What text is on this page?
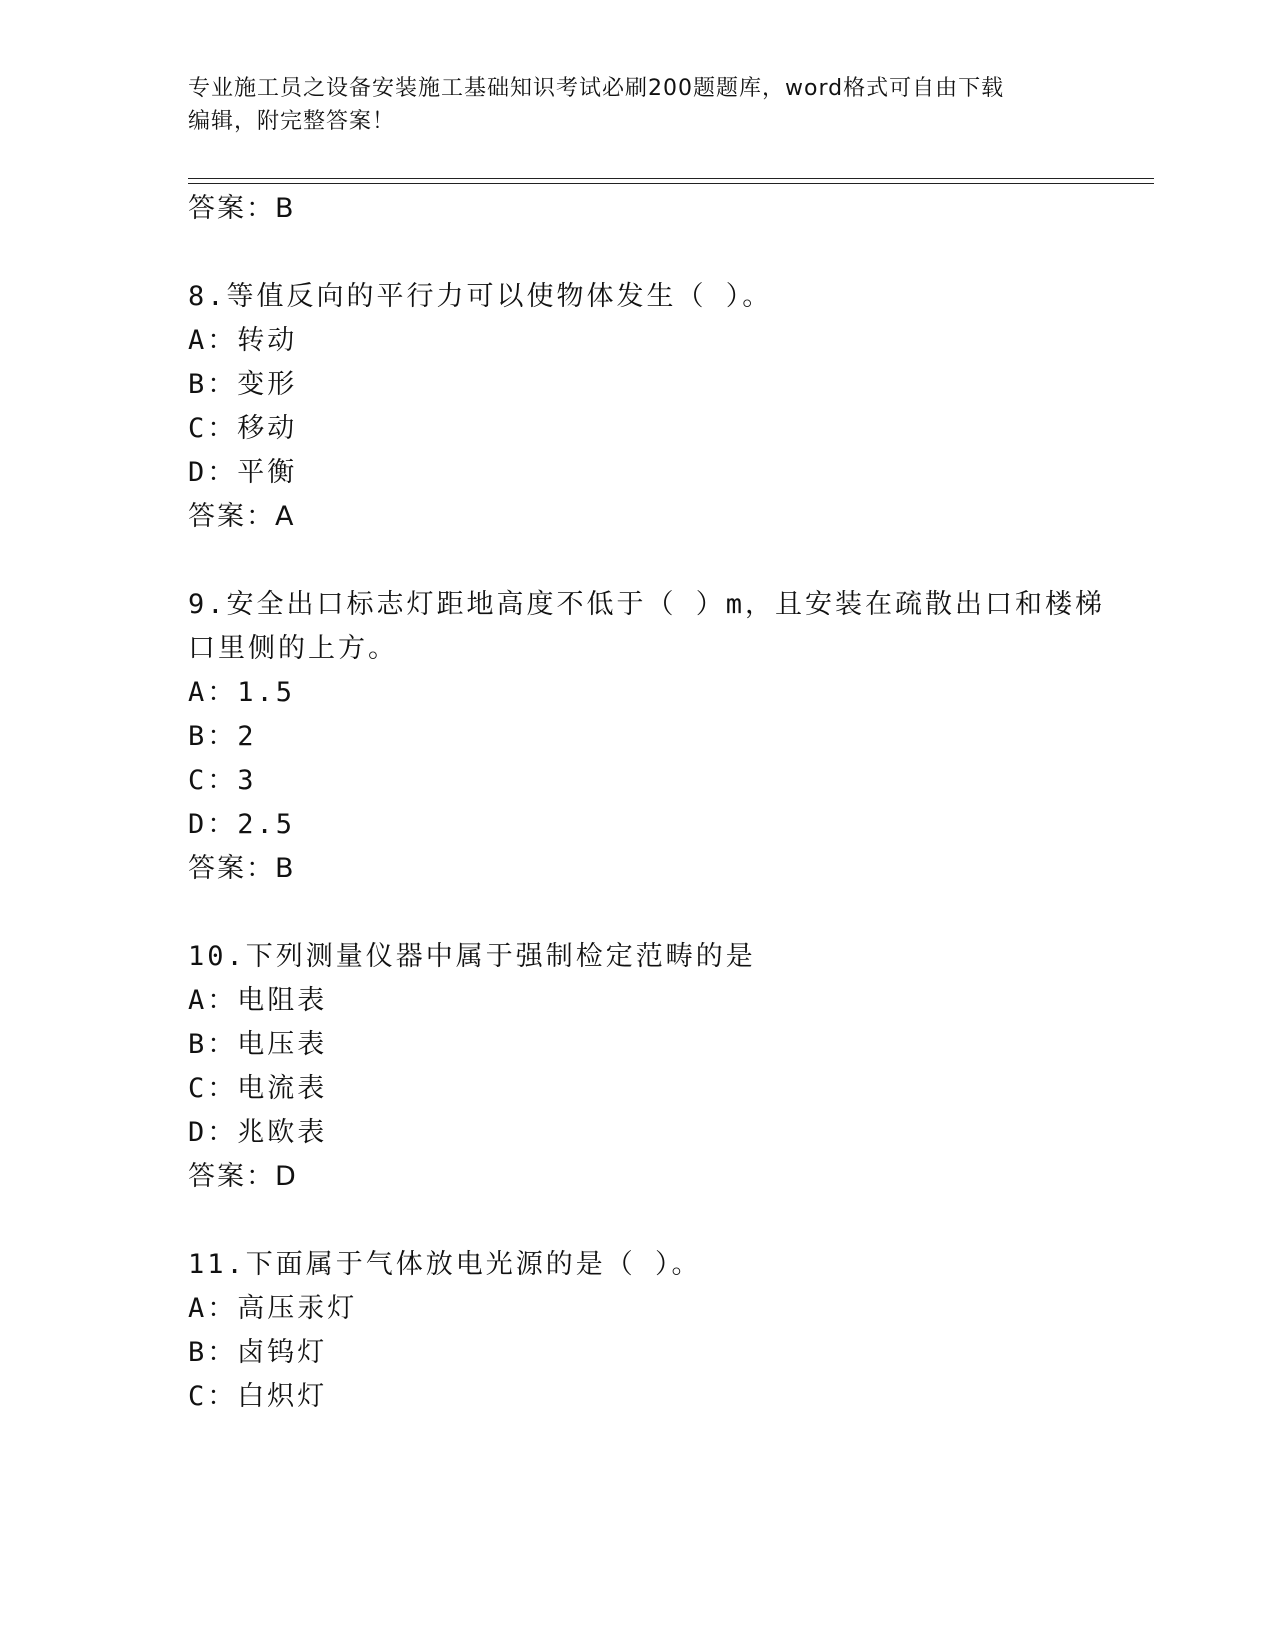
专业施工员之设备安装施工基础知识考试必刷200题题库，word格式可自由下载
编辑，附完整答案！
答案：B
8.等值反向的平行力可以使物体发生（ ）。
A：转动
B：变形
C：移动
D：平衡
答案：A
9.安全出口标志灯距地高度不低于（ ）m，且安装在疏散出口和楼梯
口里侧的上方。
A：1.5
B：2
C：3
D：2.5
答案：B
10.下列测量仪器中属于强制检定范畴的是
A：电阻表
B：电压表
C：电流表
D：兆欧表
答案：D
11.下面属于气体放电光源的是（ ）。
A：高压汞灯
B：卤钨灯
C：白炽灯
